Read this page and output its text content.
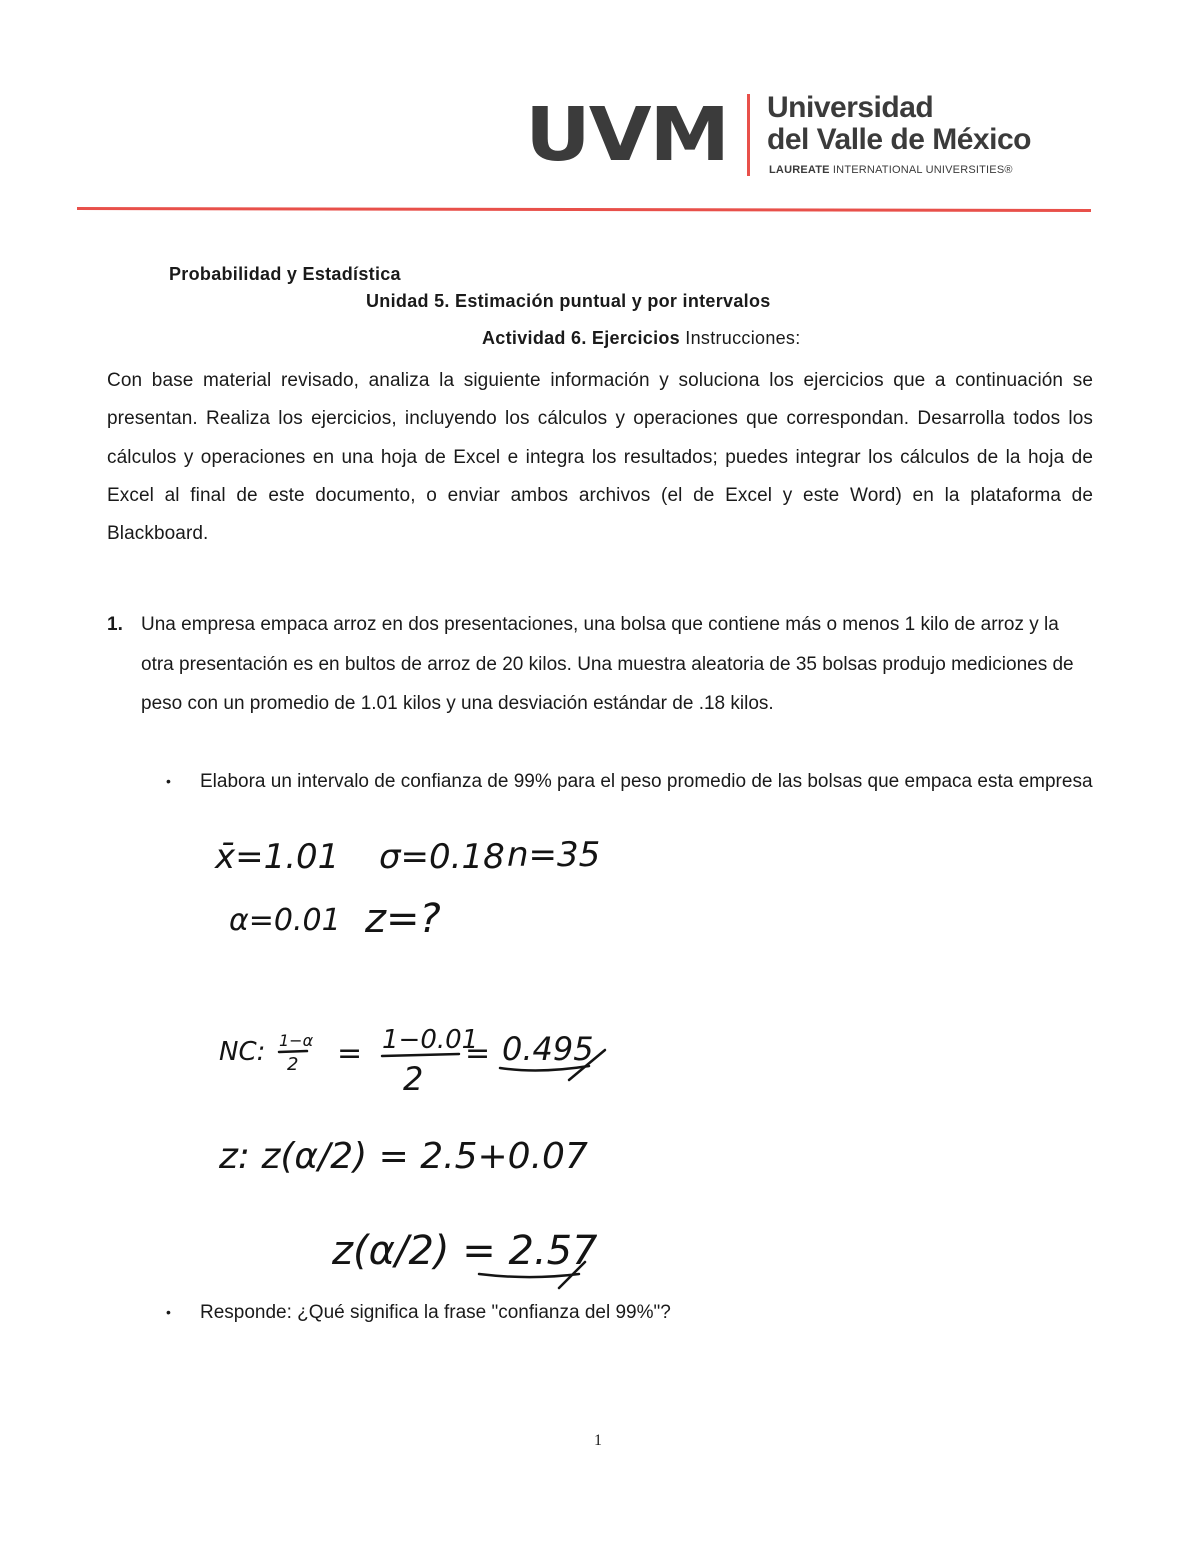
UVM Universidad
del Valle de México
LAUREATE INTERNATIONAL UNIVERSITIES®
Probabilidad y Estadística
Unidad 5. Estimación puntual y por intervalos
Actividad 6. Ejercicios Instrucciones:
Con base material revisado, analiza la siguiente información y soluciona los ejercicios que a continuación se presentan. Realiza los ejercicios, incluyendo los cálculos y operaciones que correspondan. Desarrolla todos los cálculos y operaciones en una hoja de Excel e integra los resultados; puedes integrar los cálculos de la hoja de Excel al final de este documento, o enviar ambos archivos (el de Excel y este Word) en la plataforma de Blackboard.
1. Una empresa empaca arroz en dos presentaciones, una bolsa que contiene más o menos 1 kilo de arroz y la otra presentación es en bultos de arroz de 20 kilos. Una muestra aleatoria de 35 bolsas produjo mediciones de peso con un promedio de 1.01 kilos y una desviación estándar de .18 kilos.
• Elabora un intervalo de confianza de 99% para el peso promedio de las bolsas que empaca esta empresa
x̄=1.01 σ=0.18 n=35
α=0.01 z=?
NC: 1−α
2 = 1−0.01
2
= 0.495
z: z(α/2) = 2.5+0.07
z(α/2) = 2.57
• Responde: ¿Qué significa la frase "confianza del 99%"?
1
